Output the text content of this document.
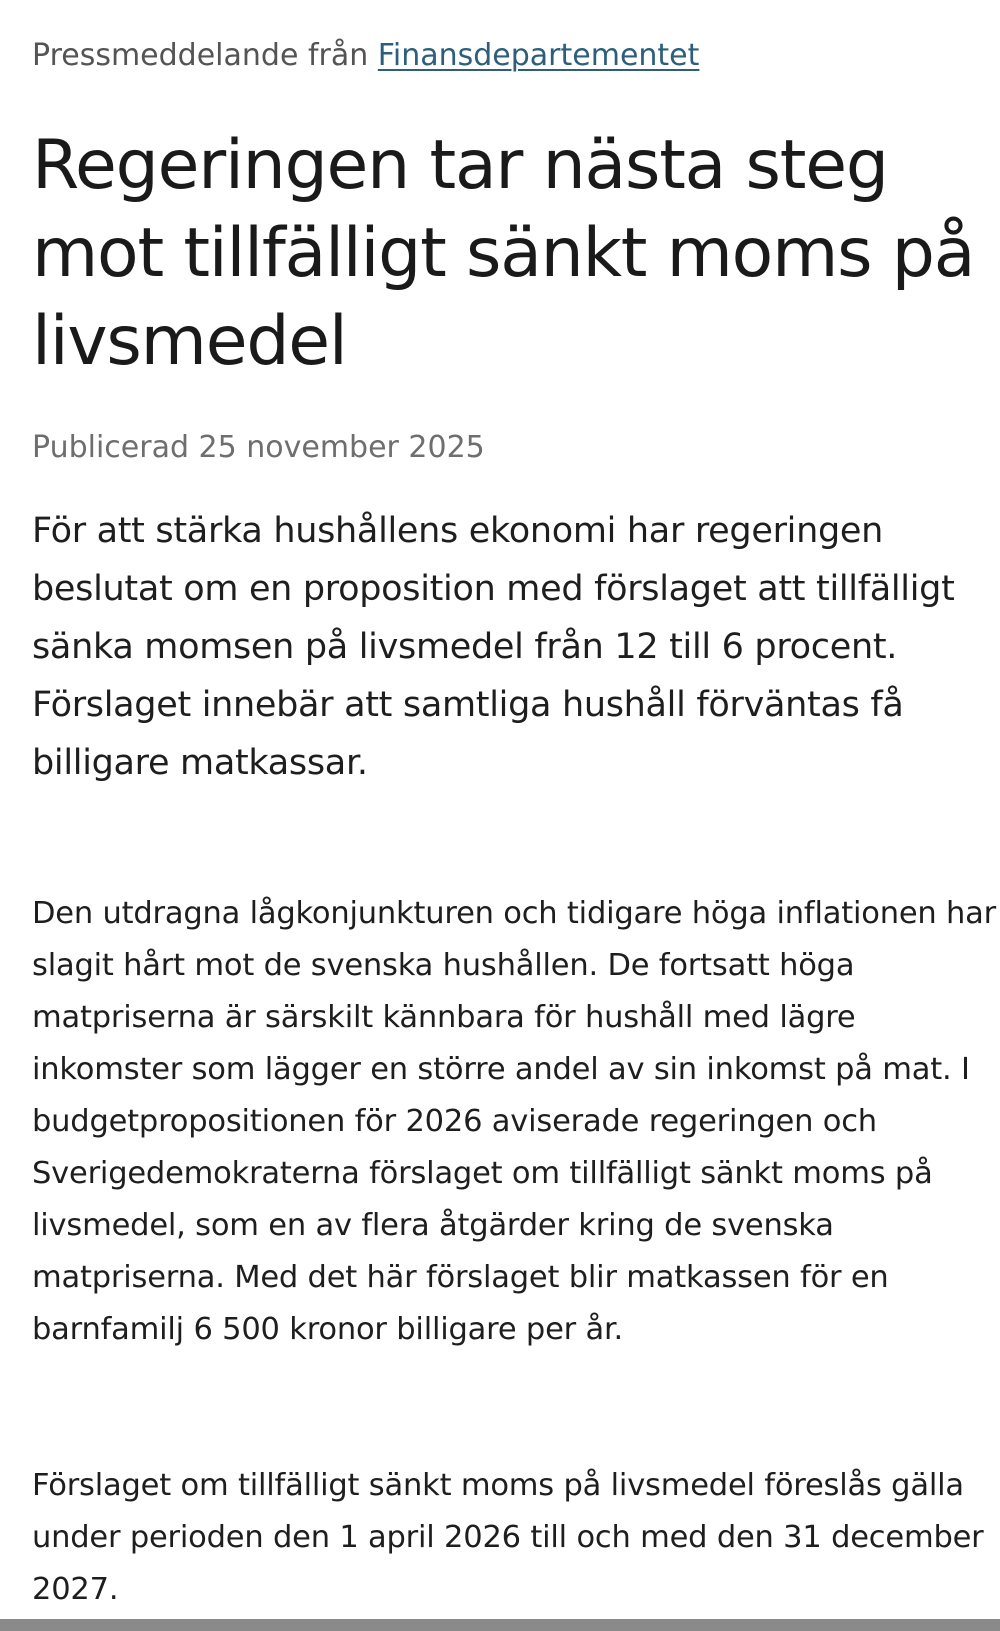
Pressmeddelande från Finansdepartementet
Regeringen tar nästa steg mot tillfälligt sänkt moms på livsmedel
Publicerad 25 november 2025

För att stärka hushållens ekonomi har regeringen beslutat om en proposition med förslaget att tillfälligt sänka momsen på livsmedel från 12 till 6 procent. Förslaget innebär att samtliga hushåll förväntas få billigare matkassar.

Den utdragna lågkonjunkturen och tidigare höga inflationen har slagit hårt mot de svenska hushållen. De fortsatt höga matpriserna är särskilt kännbara för hushåll med lägre inkomster som lägger en större andel av sin inkomst på mat. I budgetpropositionen för 2026 aviserade regeringen och Sverigedemokraterna förslaget om tillfälligt sänkt moms på livsmedel, som en av flera åtgärder kring de svenska matpriserna. Med det här förslaget blir matkassen för en barnfamilj 6 500 kronor billigare per år.

Förslaget om tillfälligt sänkt moms på livsmedel föreslås gälla under perioden den 1 april 2026 till och med den 31 december 2027.
